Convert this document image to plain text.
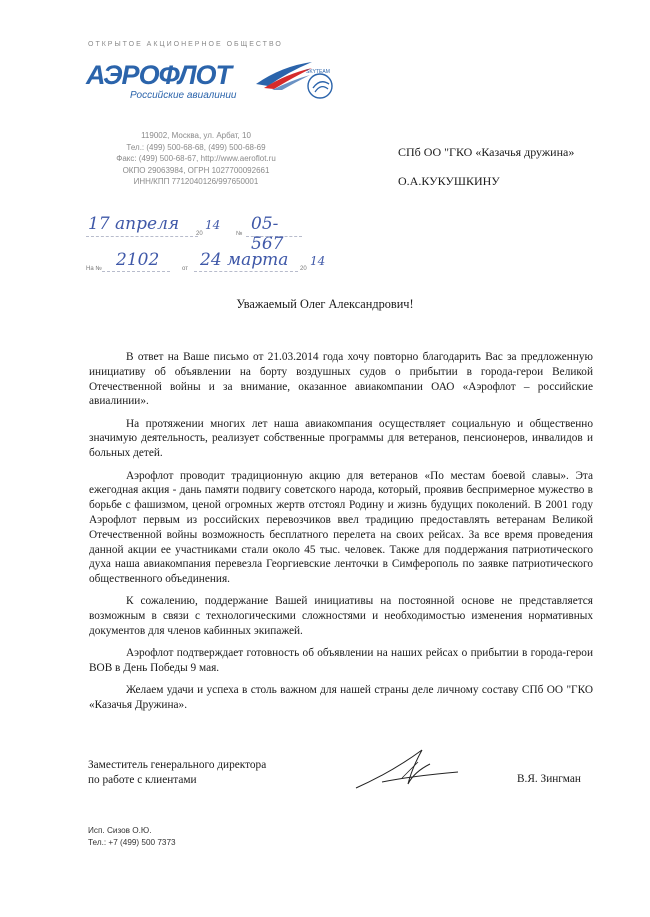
ОТКРЫТОЕ АКЦИОНЕРНОЕ ОБЩЕСТВО
АЭРОФЛОТ
Российские авиалинии
SKYTEAM
119002, Москва, ул. Арбат, 10
Тел.: (499) 500-68-68, (499) 500-68-69
Факс: (499) 500-68-67, http://www.aeroflot.ru
ОКПО 29063984, ОГРН 1027700092661
ИНН/КПП 7712040126/997650001
СПб ОО "ГКО «Казачья дружина»
О.А.КУКУШКИНУ
17 апреля	20
14
№ 05-567
На № 2102	от 24 марта 20
14
Уважаемый Олег Александрович!

В ответ на Ваше письмо от 21.03.2014 года хочу повторно благодарить Вас за предложенную инициативу об объявлении на борту воздушных судов о прибытии в города-герои Великой Отечественной войны и за внимание, оказанное авиакомпании ОАО «Аэрофлот – российские авиалинии».

На протяжении многих лет наша авиакомпания осуществляет социальную и общественно значимую деятельность, реализует собственные программы для ветеранов, пенсионеров, инвалидов и больных детей.

Аэрофлот проводит традиционную акцию для ветеранов «По местам боевой славы». Эта ежегодная акция - дань памяти подвигу советского народа, который, проявив беспримерное мужество в борьбе с фашизмом, ценой огромных жертв отстоял Родину и жизнь будущих поколений. В 2001 году Аэрофлот первым из российских перевозчиков ввел традицию предоставлять ветеранам Великой Отечественной войны возможность бесплатного перелета на своих рейсах. За все время проведения данной акции ее участниками стали около 45 тыс. человек. Также для поддержания патриотического духа наша авиакомпания перевезла Георгиевские ленточки в Симферополь по заявке патриотического общественного объединения.

К сожалению, поддержание Вашей инициативы на постоянной основе не представляется возможным в связи с технологическими сложностями и необходимостью изменения нормативных документов для членов кабинных экипажей.

Аэрофлот подтверждает готовность об объявлении на наших рейсах о прибытии в города-герои ВОВ в День Победы 9 мая.

Желаем удачи и успеха в столь важном для нашей страны деле личному составу СПб ОО "ГКО «Казачья Дружина».

Заместитель генерального директора
по работе с клиентами	В.Я. Зингман
Исп. Сизов О.Ю.
Тел.: +7 (499) 500 7373
